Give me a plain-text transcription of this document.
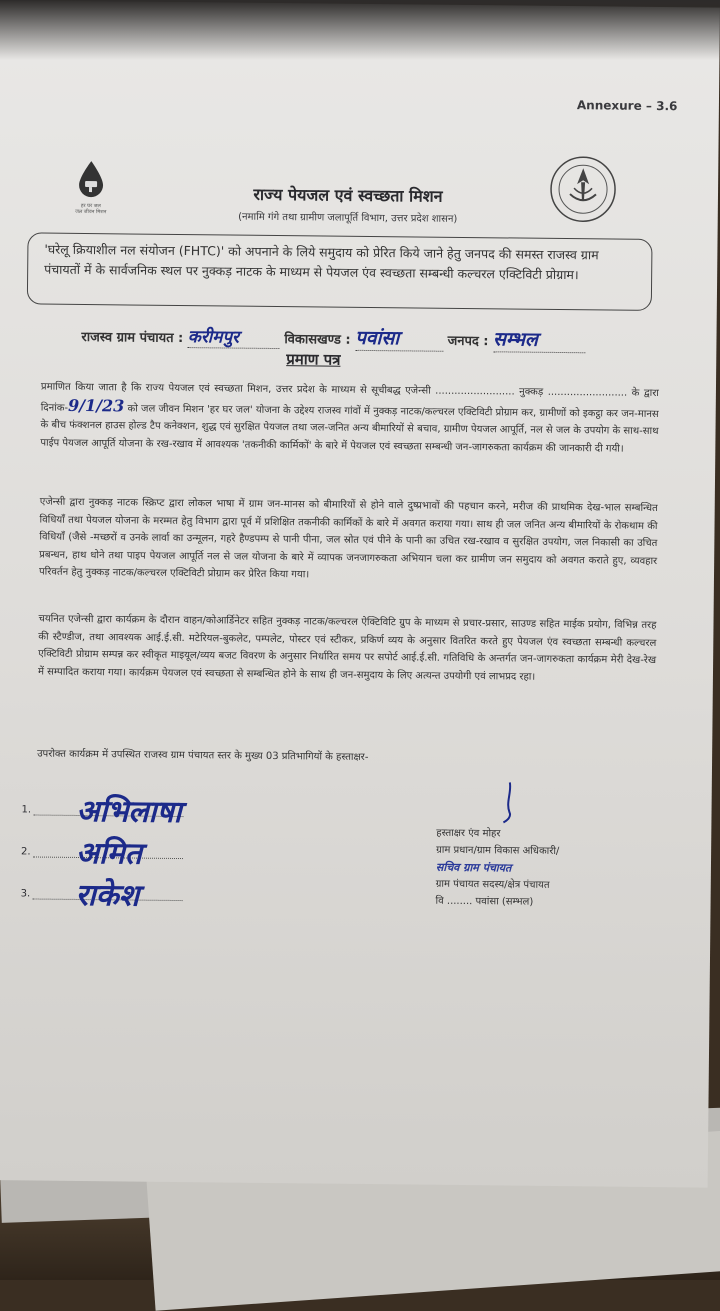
Annexure – 3.6
हर घर जल
जल जीवन मिशन
राज्य पेयजल एवं स्वच्छता मिशन
(नमामि गंगे तथा ग्रामीण जलापूर्ति विभाग, उत्तर प्रदेश शासन)
'घरेलू क्रियाशील नल संयोजन (FHTC)' को अपनाने के लिये समुदाय को प्रेरित किये जाने हेतु जनपद की समस्त राजस्व ग्राम पंचायतों में के सार्वजनिक स्थल पर नुक्कड़ नाटक के माध्यम से पेयजल एंव स्वच्छता सम्बन्धी कल्चरल एक्टिविटी प्रोग्राम।
राजस्व ग्राम पंचायत : करीमपुर	विकासखण्ड : पवांसा	जनपद : सम्भल
प्रमाण पत्र
प्रमाणित किया जाता है कि राज्य पेयजल एवं स्वच्छता मिशन, उत्तर प्रदेश के माध्यम से सूचीबद्ध एजेन्सी ......................... नुक्कड़ ......................... के द्वारा दिनांक-9/1/23 को जल जीवन मिशन 'हर घर जल' योजना के उद्देश्य राजस्व गांवों में नुक्कड़ नाटक/कल्चरल एक्टिविटी प्रोग्राम कर, ग्रामीणों को इकट्ठा कर जन-मानस के बीच फंक्शनल हाउस होल्ड टैप कनेक्शन, शुद्ध एवं सुरक्षित पेयजल तथा जल-जनित अन्य बीमारियों से बचाव, ग्रामीण पेयजल आपूर्ति, नल से जल के उपयोग के साथ-साथ पाईप पेयजल आपूर्ति योजना के रख-रखाव में आवश्यक 'तकनीकी कार्मिकों' के बारे में पेयजल एवं स्वच्छता सम्बन्धी जन-जागरुकता कार्यक्रम की जानकारी दी गयी।
एजेन्सी द्वारा नुक्कड़ नाटक स्क्रिप्ट द्वारा लोकल भाषा में ग्राम जन-मानस को बीमारियों से होने वाले दुष्प्रभावों की पहचान करने, मरीज की प्राथमिक देख-भाल सम्बन्धित विधियाँ तथा पेयजल योजना के मरम्मत हेतु विभाग द्वारा पूर्व में प्रशिक्षित तकनीकी कार्मिकों के बारे में अवगत कराया गया। साथ ही जल जनित अन्य बीमारियों के रोकथाम की विधियाँ (जैसे -मच्छरों व उनके लार्वा का उन्मूलन, गहरे हैण्डपम्प से पानी पीना, जल स्रोत एवं पीने के पानी का उचित रख-रखाव व सुरक्षित उपयोग, जल निकासी का उचित प्रबन्धन, हाथ धोने तथा पाइप पेयजल आपूर्ति नल से जल योजना के बारे में व्यापक जनजागरुकता अभियान चला कर ग्रामीण जन समुदाय को अवगत कराते हुए, व्यवहार परिवर्तन हेतु नुक्कड़ नाटक/कल्चरल एक्टिविटी प्रोग्राम कर प्रेरित किया गया।
चयनित एजेन्सी द्वारा कार्यक्रम के दौरान वाहन/कोआर्डिनेटर सहित नुक्कड़ नाटक/कल्चरल ऐक्टिविटि ग्रुप के माध्यम से प्रचार-प्रसार, साउण्ड सहित माईक प्रयोग, विभिन्न तरह की स्टैण्डीज, तथा आवश्यक आई.ई.सी. मटेरियल-बुकलेट, पम्पलेट, पोस्टर एवं स्टीकर, प्रकिर्ण व्यय के अनुसार वितरित करते हुए पेयजल एंव स्वच्छता सम्बन्धी कल्चरल एक्टिविटी प्रोग्राम सम्पन्न कर स्वीकृत माइयूल/व्यय बजट विवरण के अनुसार निर्धारित समय पर सपोर्ट आई.ई.सी. गतिविधि के अन्तर्गत जन-जागरुकता कार्यक्रम मेरी देख-रेख में सम्पादित कराया गया। कार्यक्रम पेयजल एवं स्वच्छता से सम्बन्धित होने के साथ ही जन-समुदाय के लिए अत्यन्त उपयोगी एवं लाभप्रद रहा।
उपरोक्त कार्यक्रम में उपस्थित राजस्व ग्राम पंचायत स्तर के मुख्य 03 प्रतिभागियों के हस्ताक्षर-
1. अभिलाषा
2. अमित
3. राकेश
हस्ताक्षर एंव मोहर
ग्राम प्रधान/ग्राम विकास अधिकारी/
सचिव ग्राम पंचायत
ग्राम पंचायत सदस्य/क्षेत्र पंचायत
वि ........ पवांसा (सम्भल)
